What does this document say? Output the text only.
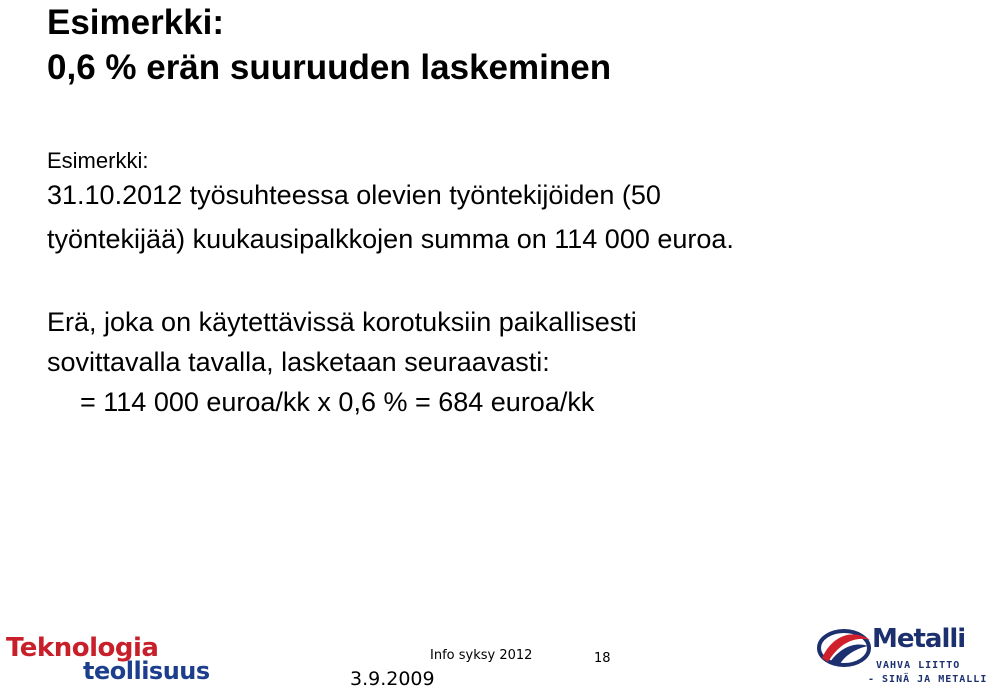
Esimerkki:
0,6 % erän suuruuden laskeminen
Esimerkki:
31.10.2012 työsuhteessa olevien työntekijöiden (50
työntekijää) kuukausipalkkojen summa on 114 000 euroa.
Erä, joka on käytettävissä korotuksiin paikallisesti
sovittavalla tavalla, lasketaan seuraavasti:
= 114 000 euroa/kk x 0,6 % = 684 euroa/kk
Teknologia
teollisuus
Info syksy 2012	18
3.9.2009
Metalli
VAHVA LIITTO
- SINÄ JA METALLI
